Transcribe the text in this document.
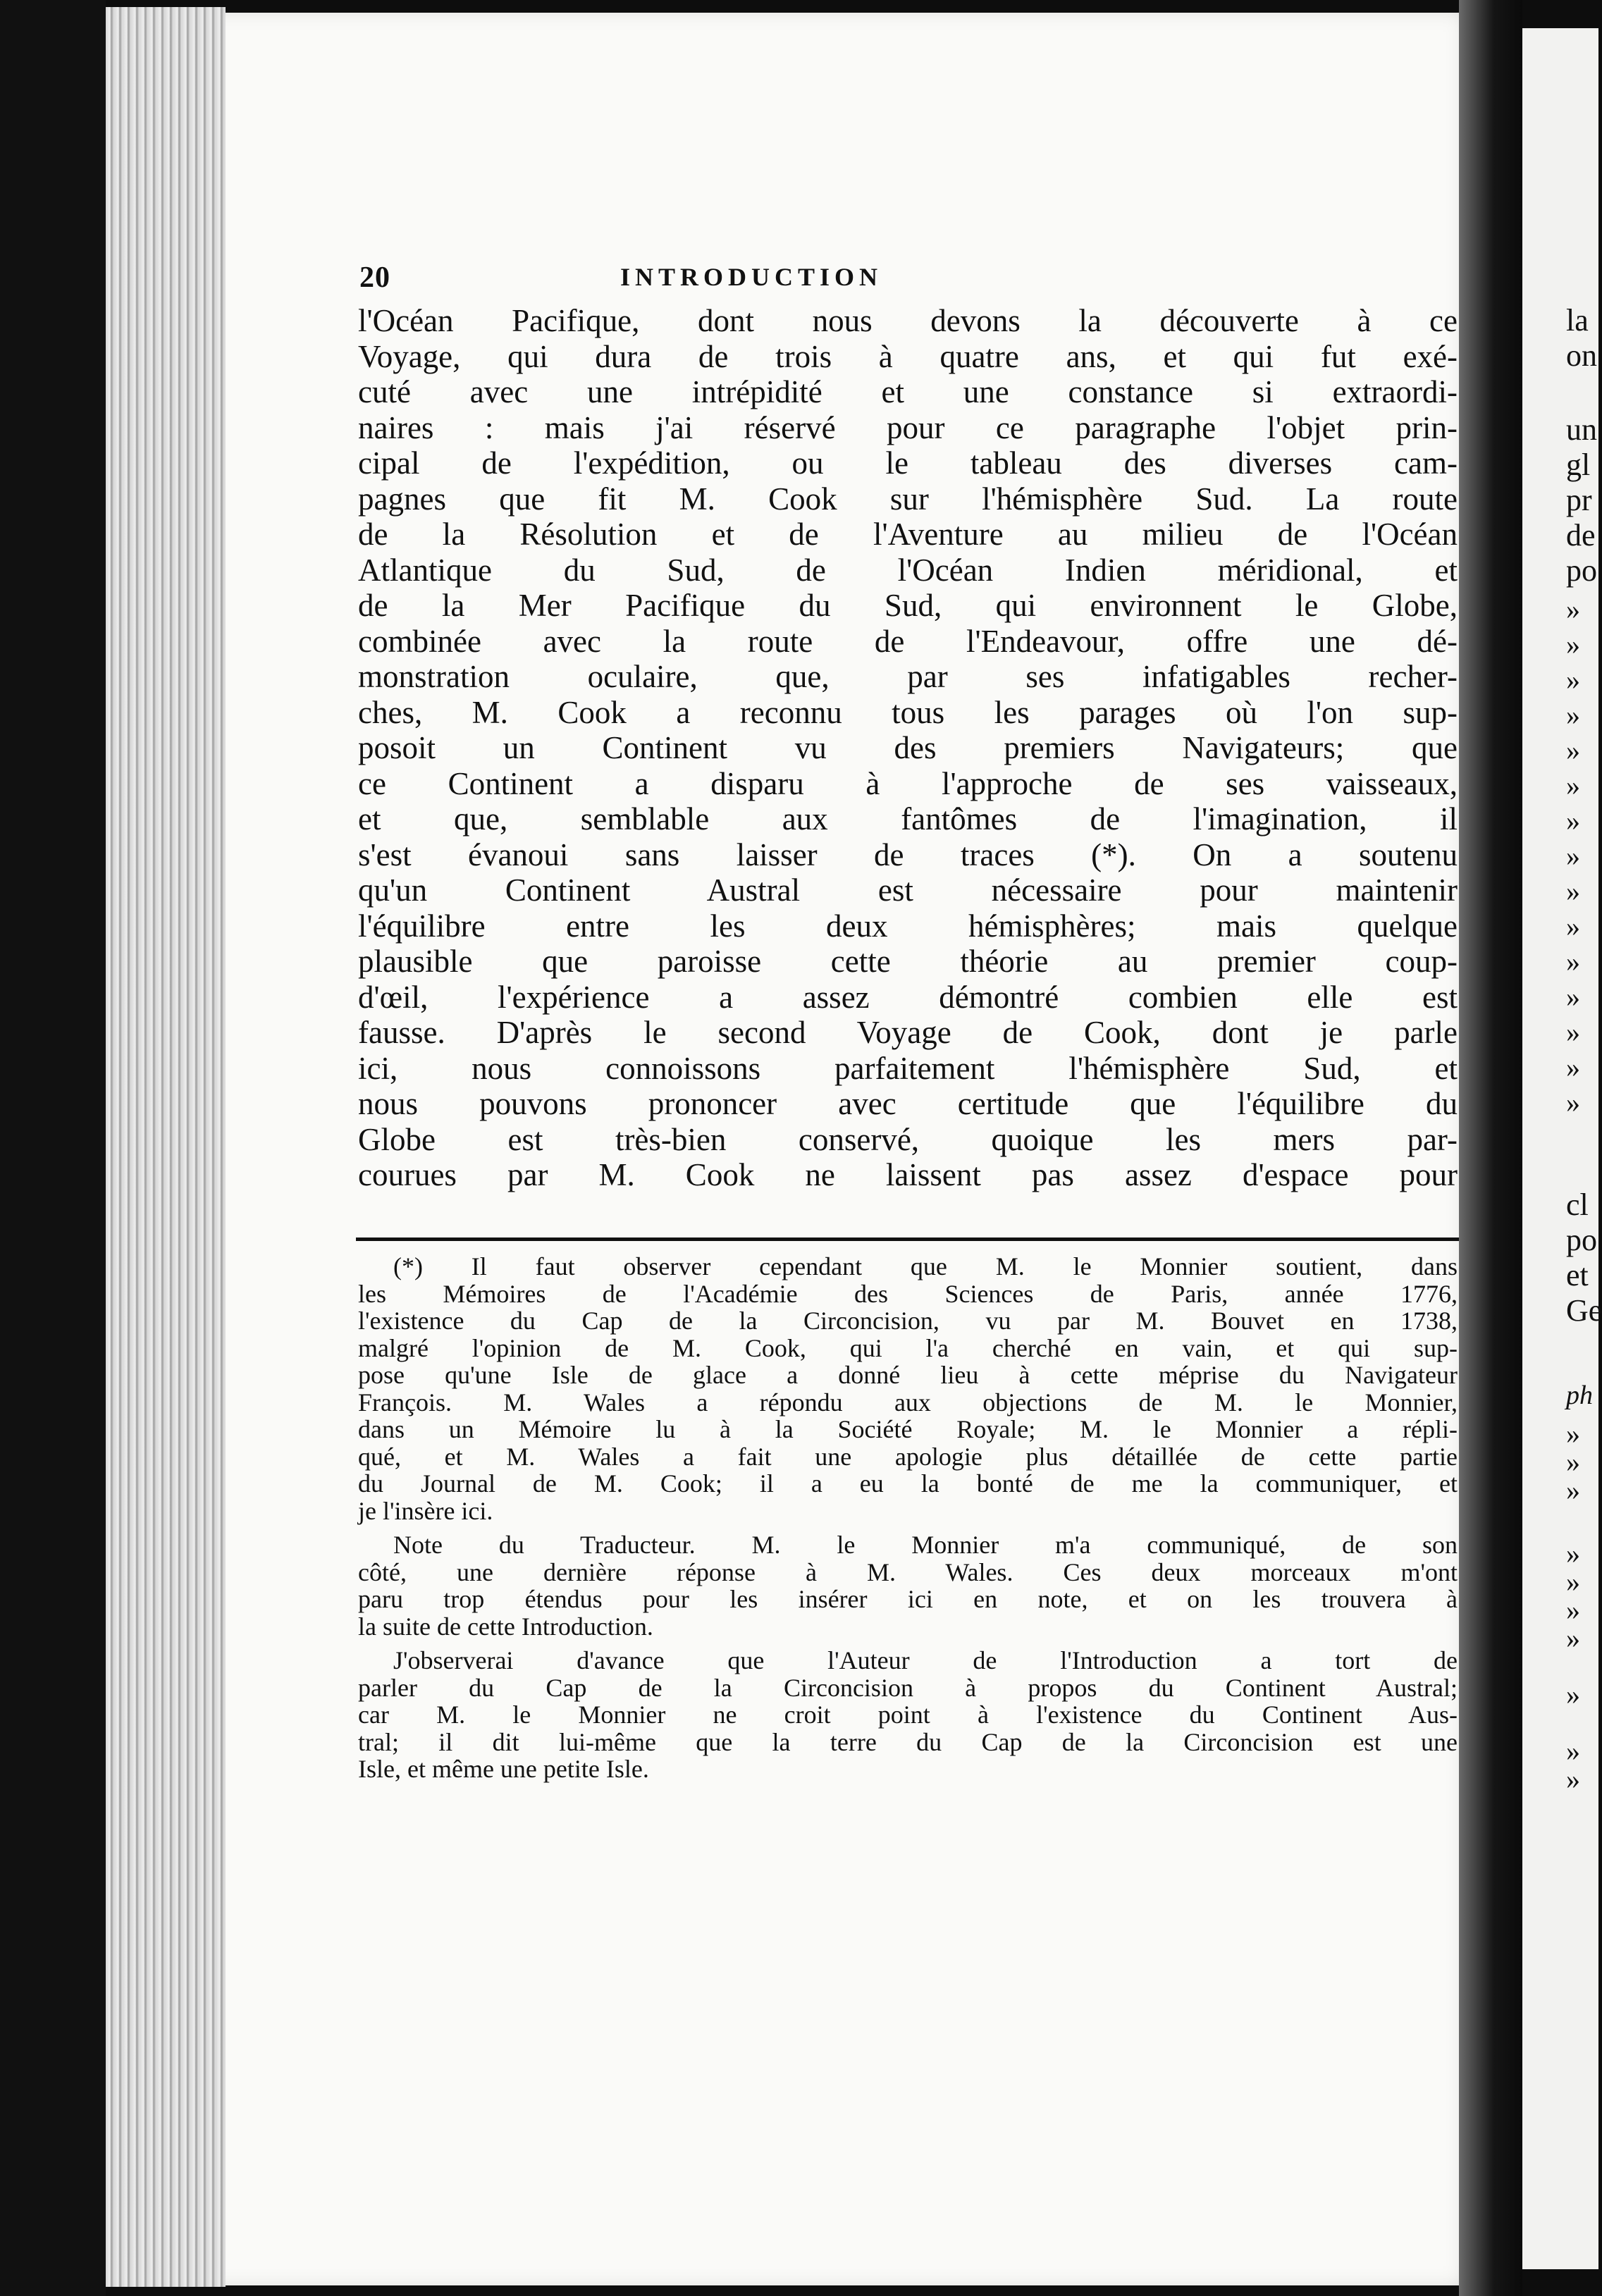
la
on
un
gl
pr
de
po
»
»
»
»
»
»
»
»
»
»
»
»
»
»
»
cl
po
et
Ge
ph
»
»
»
»
»
»
»
»
»
»
20	INTRODUCTION
l'Océan Pacifique, dont nous devons la découverte à ce
Voyage, qui dura de trois à quatre ans, et qui fut exé-
cuté avec une intrépidité et une constance si extraordi-
naires : mais j'ai réservé pour ce paragraphe l'objet prin-
cipal de l'expédition, ou le tableau des diverses cam-
pagnes que fit M. Cook sur l'hémisphère Sud. La route
de la Résolution et de l'Aventure au milieu de l'Océan
Atlantique du Sud, de l'Océan Indien méridional, et
de la Mer Pacifique du Sud, qui environnent le Globe,
combinée avec la route de l'Endeavour, offre une dé-
monstration oculaire, que, par ses infatigables recher-
ches, M. Cook a reconnu tous les parages où l'on sup-
posoit un Continent vu des premiers Navigateurs; que
ce Continent a disparu à l'approche de ses vaisseaux,
et que, semblable aux fantômes de l'imagination, il
s'est évanoui sans laisser de traces (*). On a soutenu
qu'un Continent Austral est nécessaire pour maintenir
l'équilibre entre les deux hémisphères; mais quelque
plausible que paroisse cette théorie au premier coup-
d'œil, l'expérience a assez démontré combien elle est
fausse. D'après le second Voyage de Cook, dont je parle
ici, nous connoissons parfaitement l'hémisphère Sud, et
nous pouvons prononcer avec certitude que l'équilibre du
Globe est très-bien conservé, quoique les mers par-
courues par M. Cook ne laissent pas assez d'espace pour
(*) Il faut observer cependant que M. le Monnier soutient, dans
les Mémoires de l'Académie des Sciences de Paris, année 1776,
l'existence du Cap de la Circoncision, vu par M. Bouvet en 1738,
malgré l'opinion de M. Cook, qui l'a cherché en vain, et qui sup-
pose qu'une Isle de glace a donné lieu à cette méprise du Navigateur
François. M. Wales a répondu aux objections de M. le Monnier,
dans un Mémoire lu à la Société Royale; M. le Monnier a répli-
qué, et M. Wales a fait une apologie plus détaillée de cette partie
du Journal de M. Cook; il a eu la bonté de me la communiquer, et
je l'insère ici.
Note du Traducteur. M. le Monnier m'a communiqué, de son
côté, une dernière réponse à M. Wales. Ces deux morceaux m'ont
paru trop étendus pour les insérer ici en note, et on les trouvera à
la suite de cette Introduction.
J'observerai d'avance que l'Auteur de l'Introduction a tort de
parler du Cap de la Circoncision à propos du Continent Austral;
car M. le Monnier ne croit point à l'existence du Continent Aus-
tral; il dit lui-même que la terre du Cap de la Circoncision est une
Isle, et même une petite Isle.
